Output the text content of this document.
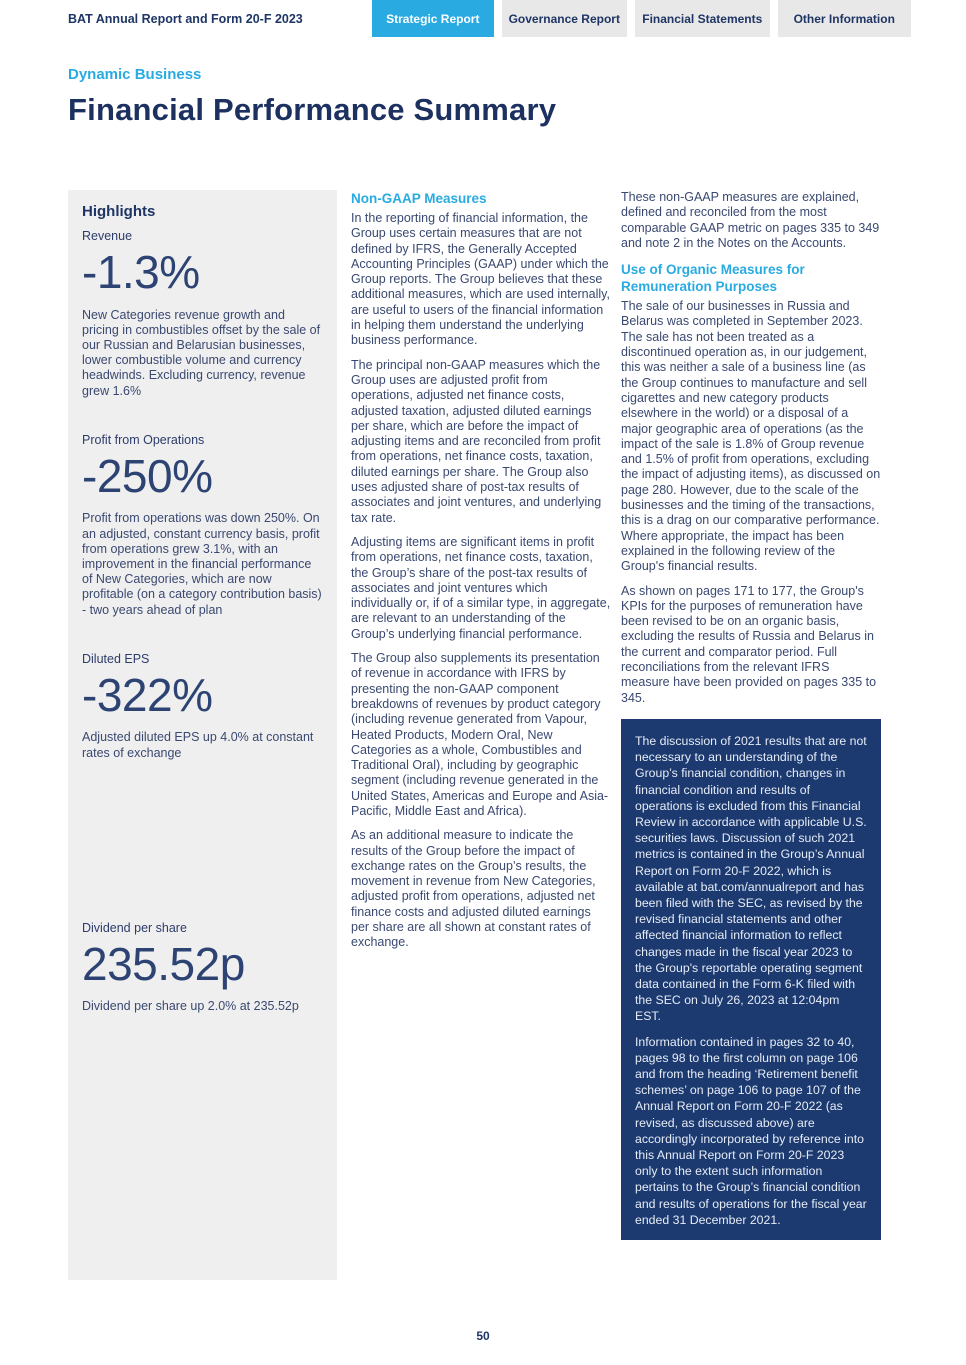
BAT Annual Report and Form 20-F 2023	Strategic Report	Governance Report	Financial Statements	Other Information
Dynamic Business
Financial Performance Summary
Highlights
Revenue
-1.3%
New Categories revenue growth and pricing in combustibles offset by the sale of our Russian and Belarusian businesses, lower combustible volume and currency headwinds. Excluding currency, revenue grew 1.6%
Profit from Operations
-250%
Profit from operations was down 250%. On an adjusted, constant currency basis, profit from operations grew 3.1%, with an improvement in the financial performance of New Categories, which are now profitable (on a category contribution basis) - two years ahead of plan
Diluted EPS
-322%
Adjusted diluted EPS up 4.0% at constant rates of exchange
Dividend per share
235.52p
Dividend per share up 2.0% at 235.52p
Non-GAAP Measures

In the reporting of financial information, the Group uses certain measures that are not defined by IFRS, the Generally Accepted Accounting Principles (GAAP) under which the Group reports. The Group believes that these additional measures, which are used internally, are useful to users of the financial information in helping them understand the underlying business performance.

The principal non-GAAP measures which the Group uses are adjusted profit from operations, adjusted net finance costs, adjusted taxation, adjusted diluted earnings per share, which are before the impact of adjusting items and are reconciled from profit from operations, net finance costs, taxation, diluted earnings per share. The Group also uses adjusted share of post-tax results of associates and joint ventures, and underlying tax rate.

Adjusting items are significant items in profit from operations, net finance costs, taxation, the Group’s share of the post-tax results of associates and joint ventures which individually or, if of a similar type, in aggregate, are relevant to an understanding of the Group’s underlying financial performance.

The Group also supplements its presentation of revenue in accordance with IFRS by presenting the non-GAAP component breakdowns of revenues by product category (including revenue generated from Vapour, Heated Products, Modern Oral, New Categories as a whole, Combustibles and Traditional Oral), including by geographic segment (including revenue generated in the United States, Americas and Europe and Asia-Pacific, Middle East and Africa).

As an additional measure to indicate the results of the Group before the impact of exchange rates on the Group’s results, the movement in revenue from New Categories, adjusted profit from operations, adjusted net finance costs and adjusted diluted earnings per share are all shown at constant rates of exchange.

These non-GAAP measures are explained, defined and reconciled from the most comparable GAAP metric on pages 335 to 349 and note 2 in the Notes on the Accounts.

Use of Organic Measures for Remuneration Purposes

The sale of our businesses in Russia and Belarus was completed in September 2023. The sale has not been treated as a discontinued operation as, in our judgement, this was neither a sale of a business line (as the Group continues to manufacture and sell cigarettes and new category products elsewhere in the world) or a disposal of a major geographic area of operations (as the impact of the sale is 1.8% of Group revenue and 1.5% of profit from operations, excluding the impact of adjusting items), as discussed on page 280. However, due to the scale of the businesses and the timing of the transactions, this is a drag on our comparative performance. Where appropriate, the impact has been explained in the following review of the Group's financial results.

As shown on pages 171 to 177, the Group's KPIs for the purposes of remuneration have been revised to be on an organic basis, excluding the results of Russia and Belarus in the current and comparator period. Full reconciliations from the relevant IFRS measure have been provided on pages 335 to 345.

The discussion of 2021 results that are not necessary to an understanding of the Group’s financial condition, changes in financial condition and results of operations is excluded from this Financial Review in accordance with applicable U.S. securities laws. Discussion of such 2021 metrics is contained in the Group’s Annual Report on Form 20-F 2022, which is available at bat.com/annualreport and has been filed with the SEC, as revised by the revised financial statements and other affected financial information to reflect changes made in the fiscal year 2023 to the Group's reportable operating segment data contained in the Form 6-K filed with the SEC on July 26, 2023 at 12:04pm EST.

Information contained in pages 32 to 40, pages 98 to the first column on page 106 and from the heading ‘Retirement benefit schemes’ on page 106 to page 107 of the Annual Report on Form 20-F 2022 (as revised, as discussed above) are accordingly incorporated by reference into this Annual Report on Form 20-F 2023 only to the extent such information pertains to the Group’s financial condition and results of operations for the fiscal year ended 31 December 2021.

50
